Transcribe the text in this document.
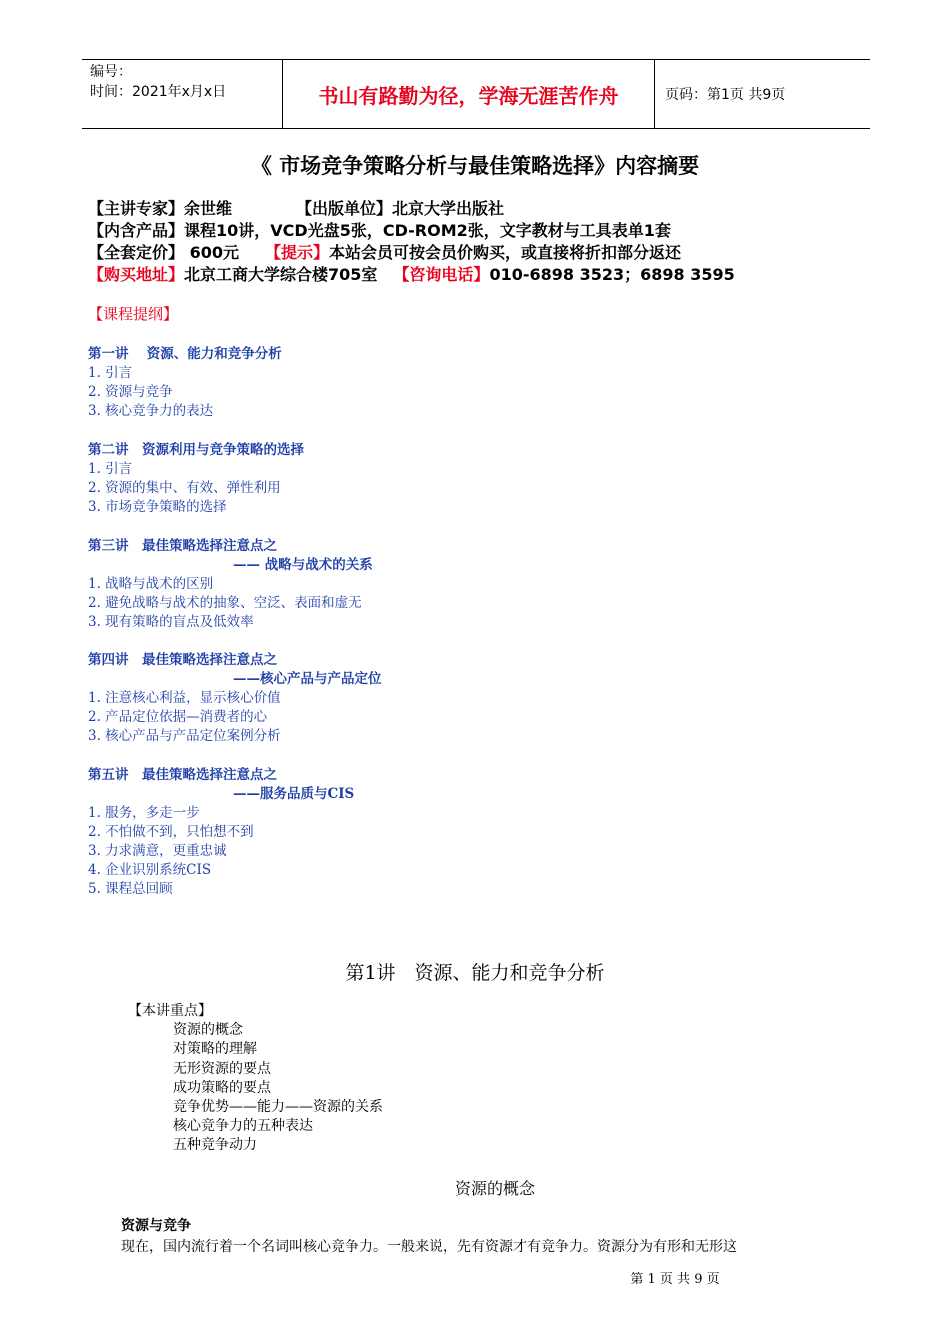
编号：
时间：2021年x月x日	书山有路勤为径，学海无涯苦作舟	页码：第1页 共9页
《 市场竞争策略分析与最佳策略选择》内容摘要
【主讲专家】余世维	【出版单位】北京大学出版社
【内含产品】课程10讲，VCD光盘5张，CD-ROM2张，文字教材与工具表单1套
【全套定价】 600元 【提示】本站会员可按会员价购买，或直接将折扣部分返还
【购买地址】北京工商大学综合楼705室 【咨询电话】010-6898 3523；6898 3595
【课程提纲】
第一讲　 资源、能力和竞争分析
1. 引言
2. 资源与竞争
3. 核心竞争力的表达
第二讲　资源利用与竞争策略的选择
1. 引言
2. 资源的集中、有效、弹性利用
3. 市场竞争策略的选择
第三讲　最佳策略选择注意点之
—— 战略与战术的关系
1. 战略与战术的区别
2. 避免战略与战术的抽象、空泛、表面和虚无
3. 现有策略的盲点及低效率
第四讲　最佳策略选择注意点之
——核心产品与产品定位
1. 注意核心利益，显示核心价值
2. 产品定位依据—消费者的心
3. 核心产品与产品定位案例分析
第五讲　最佳策略选择注意点之
——服务品质与CIS
1. 服务，多走一步
2. 不怕做不到，只怕想不到
3. 力求满意，更重忠诚
4. 企业识别系统CIS
5. 课程总回顾
第1讲　资源、能力和竞争分析
【本讲重点】
资源的概念
对策略的理解
无形资源的要点
成功策略的要点
竞争优势——能力——资源的关系
核心竞争力的五种表达
五种竞争动力
资源的概念
资源与竞争
现在，国内流行着一个名词叫核心竞争力。一般来说，先有资源才有竞争力。资源分为有形和无形这
第 1 页 共 9 页
